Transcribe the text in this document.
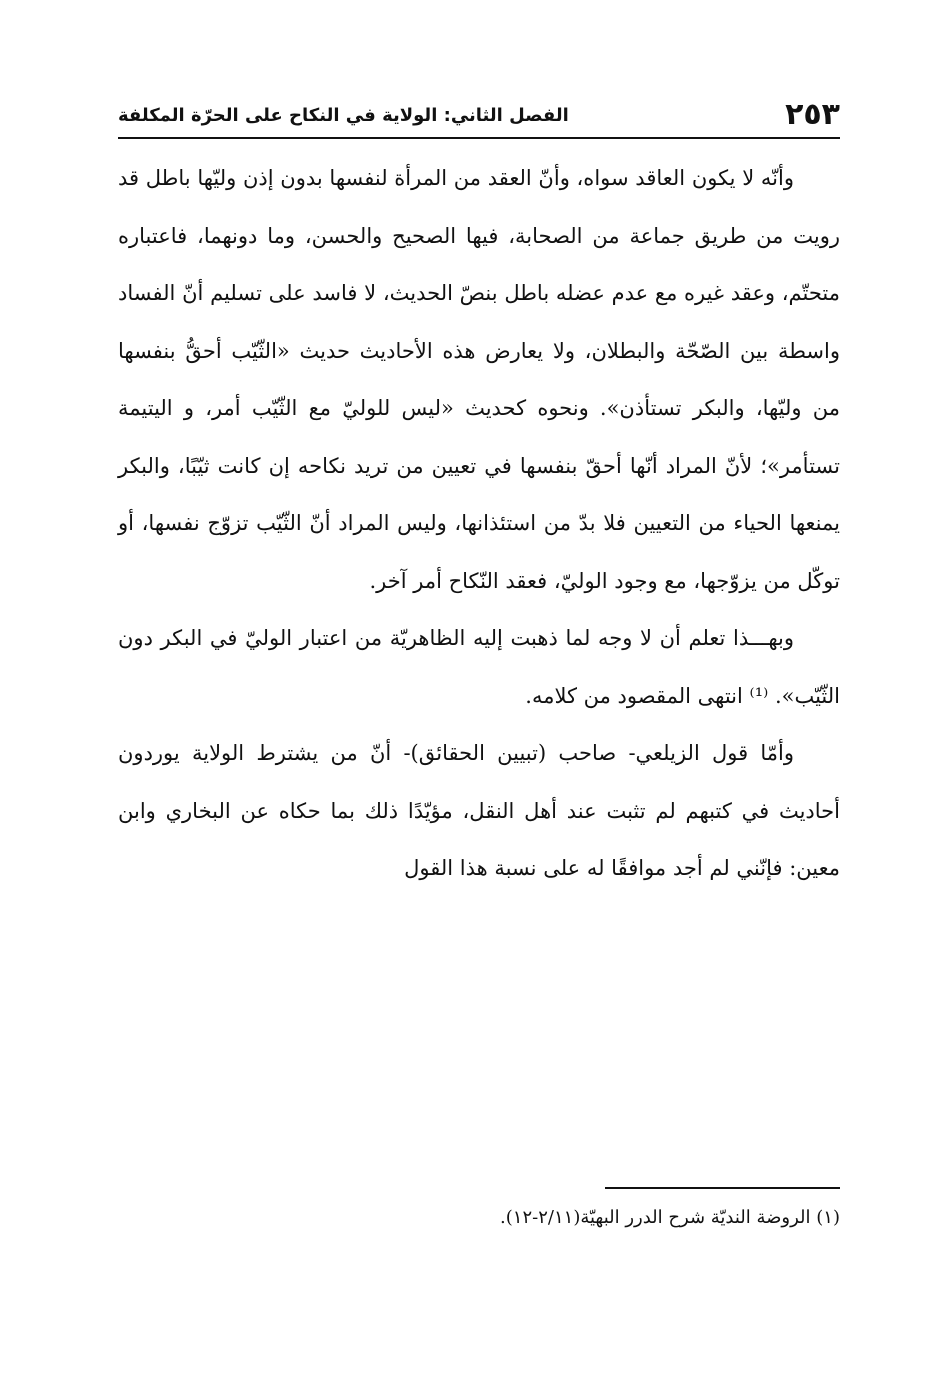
٢٥٣
الفصل الثاني: الولاية في النكاح على الحرّة المكلفة

وأنّه لا يكون العاقد سواه، وأنّ العقد من المرأة لنفسها بدون إذن وليّها باطل قد رويت من طريق جماعة من الصحابة، فيها الصحيح والحسن، وما دونهما، فاعتباره متحتّم، وعقد غيره مع عدم عضله باطل بنصّ الحديث، لا فاسد على تسليم أنّ الفساد واسطة بين الصّحّة والبطلان، ولا يعارض هذه الأحاديث حديث «الثّيّب أحقُّ بنفسها من وليّها، والبكر تستأذن». ونحوه كحديث «ليس للوليّ مع الثّيّب أمر، و اليتيمة تستأمر»؛ لأنّ المراد أنّها أحقّ بنفسها في تعيين من تريد نكاحه إن كانت ثيّبًا، والبكر يمنعها الحياء من التعيين فلا بدّ من استئذانها، وليس المراد أنّ الثّيّب تزوّج نفسها، أو توكّل من يزوّجها، مع وجود الوليّ، فعقد النّكاح أمر آخر.

وبهـــذا تعلم أن لا وجه لما ذهبت إليه الظاهريّة من اعتبار الوليّ في البكر دون الثّيّب». ⁽¹⁾ انتهى المقصود من كلامه.

وأمّا قول الزيلعي- صاحب (تبيين الحقائق)- أنّ من يشترط الولاية يوردون أحاديث في كتبهم لم تثبت عند أهل النقل، مؤيّدًا ذلك بما حكاه عن البخاري وابن معين: فإنّني لم أجد موافقًا له على نسبة هذا القول

(١) الروضة النديّة شرح الدرر البهيّة(٢/١١-١٢).
